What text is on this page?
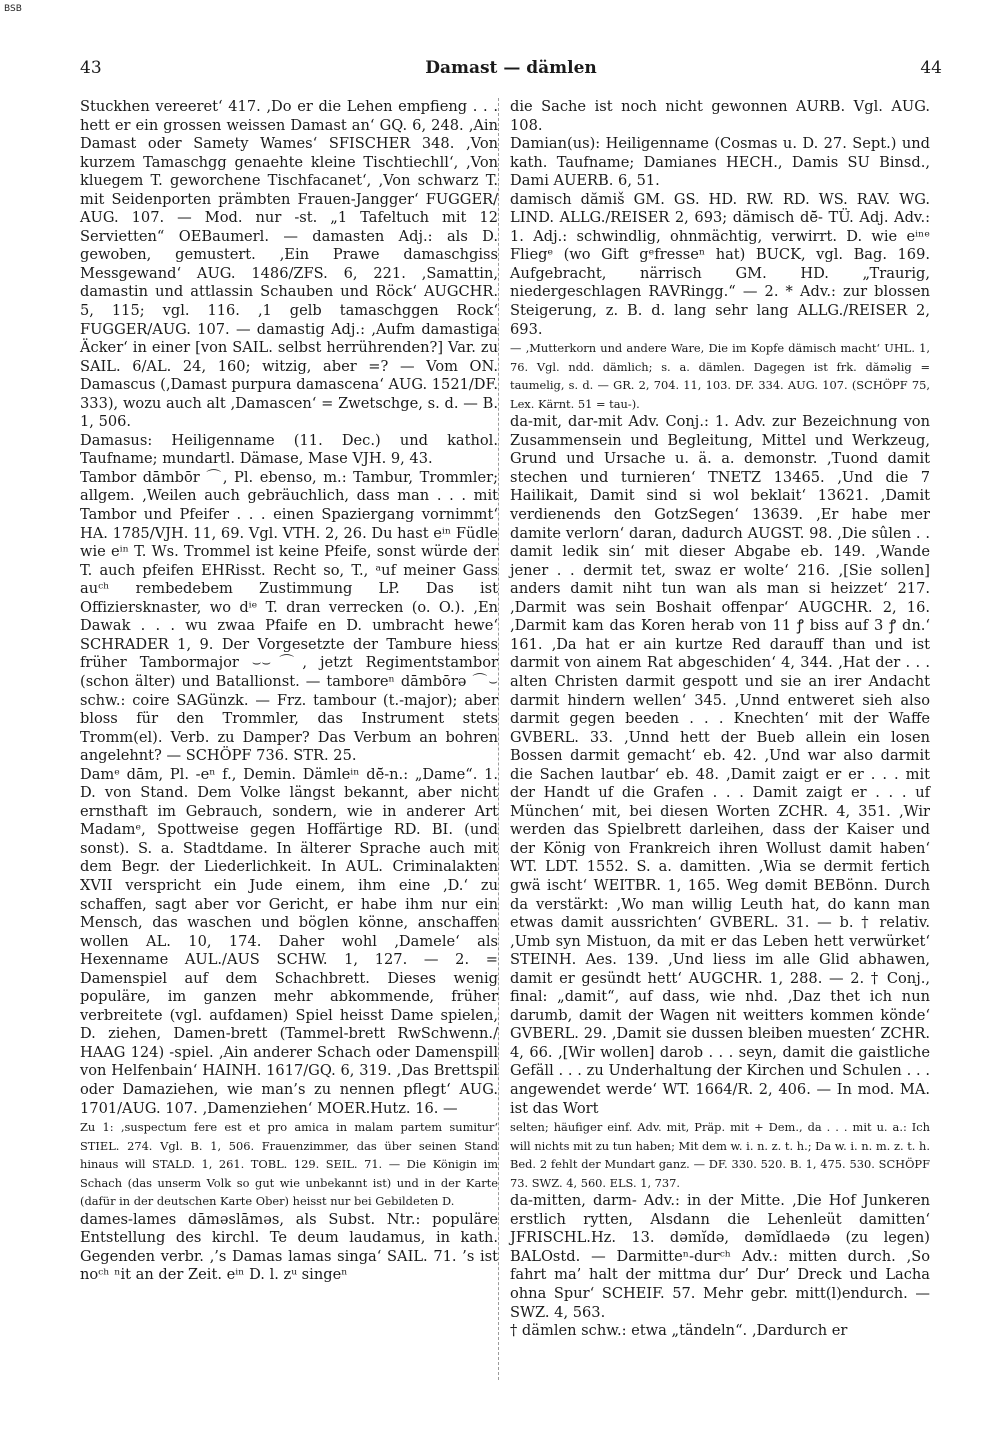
BSB
43	Damast — dämlen	44

Stuckhen vereeret‘ 417. ‚Do er die Lehen empfieng . . . hett er ein grossen weissen Damast an‘ GQ. 6, 248. ‚Ain Damast oder Samety Wames‘ SFISCHER 348. ‚Von kurzem Tamaschgg genaehte kleine Tischtiechll‘, ‚Von kluegem T. geworchene Tischfacanet‘, ‚Von schwarz T. mit Seidenporten prämbten Frauen-Jangger‘ FUGGER/ AUG. 107. — Mod. nur -st. „1 Tafeltuch mit 12 Servietten“ OEBaumerl. — damasten Adj.: als D. gewoben, gemustert. ‚Ein Prawe damaschgiss Messgewand‘ AUG. 1486/ZFS. 6, 221. ‚Samattin, damastin und attlassin Schauben und Röck‘ AUGCHR. 5, 115; vgl. 116. ‚1 gelb tamaschggen Rock‘ FUGGER/AUG. 107. — damastig Adj.: ‚Aufm damastiga Äcker‘ in einer [von SAIL. selbst herrührenden?] Var. zu SAIL. 6/AL. 24, 160; witzig, aber =? — Vom ON. Damascus (‚Damast purpura damascena‘ AUG. 1521/DF. 333), wozu auch alt ‚Damascen‘ = Zwetschge, s. d. — B. 1, 506.

Damasus: Heiligenname (11. Dec.) und kathol. Taufname; mundartl. Dämase, Mase VJH. 9, 43.

Tambor dāmbōr ⌒, Pl. ebenso, m.: Tambur, Trommler; allgem. ‚Weilen auch gebräuchlich, dass man . . . mit Tambor und Pfeifer . . . einen Spaziergang vornimmt‘ HA. 1785/VJH. 11, 69. Vgl. VTH. 2, 26. Du hast eⁱⁿ Füdle wie eⁱⁿ T. Ws. Trommel ist keine Pfeife, sonst würde der T. auch pfeifen EHRisst. Recht so, T., ᵃuf meiner Gass auᶜʰ rembedebem Zustimmung LP. Das ist Offiziersknaster, wo dⁱᵉ T. dran verrecken (o. O.). ‚En Dawak . . . wu zwaa Pfaife en D. umbracht hewe‘ SCHRADER 1, 9. Der Vorgesetzte der Tambure hiess früher Tambormajor ⌣⌣⌒, jetzt Regimentstambor (schon älter) und Batallionst. — tamboreⁿ dāmbōrə ⌒⌣ schw.: coire SAGünzk. — Frz. tambour (t.-major); aber bloss für den Trommler, das Instrument stets Tromm(el). Verb. zu Damper? Das Verbum an bohren angelehnt? — SCHÖPF 736. STR. 25.

Damᵉ dām, Pl. -eⁿ f., Demin. Dämleⁱⁿ dē̆-n.: „Dame“. 1. D. von Stand. Dem Volke längst bekannt, aber nicht ernsthaft im Gebrauch, sondern, wie in anderer Art Madamᵉ, Spottweise gegen Hoffärtige RD. BI. (und sonst). S. a. Stadtdame. In älterer Sprache auch mit dem Begr. der Liederlichkeit. In AUL. Criminalakten XVII verspricht ein Jude einem, ihm eine ‚D.‘ zu schaffen, sagt aber vor Gericht, er habe ihm nur ein Mensch, das waschen und böglen könne, anschaffen wollen AL. 10, 174. Daher wohl ‚Damele‘ als Hexenname AUL./AUS SCHW. 1, 127. — 2. = Damenspiel auf dem Schachbrett. Dieses wenig populäre, im ganzen mehr abkommende, früher verbreitete (vgl. aufdamen) Spiel heisst Dame spielen, D. ziehen, Damen-brett (Tammel-brett RwSchwenn./ HAAG 124) -spiel. ‚Ain anderer Schach oder Damenspill von Helfenbain‘ HAINH. 1617/GQ. 6, 319. ‚Das Brettspil oder Damaziehen, wie man’s zu nennen pflegt‘ AUG. 1701/AUG. 107. ‚Damenziehen‘ MOER.Hutz. 16. —

Zu 1: ‚suspectum fere est et pro amica in malam partem sumitur‘ STIEL. 274. Vgl. B. 1, 506. Frauenzimmer, das über seinen Stand hinaus will STALD. 1, 261. TOBL. 129. SEIL. 71. — Die Königin im Schach (das unserm Volk so gut wie unbekannt ist) und in der Karte (dafür in der deutschen Karte Ober) heisst nur bei Gebildeten D.

dames-lames dāməslāməs, als Subst. Ntr.: populäre Entstellung des kirchl. Te deum laudamus, in kath. Gegenden verbr. ‚’s Damas lamas singa‘ SAIL. 71. ’s ist noᶜʰ ⁿit an der Zeit. eⁱⁿ D. l. zᵘ singeⁿ

die Sache ist noch nicht gewonnen AURB. Vgl. AUG. 108.

Damian(us): Heiligenname (Cosmas u. D. 27. Sept.) und kath. Taufname; Damianes HECH., Damis SU Binsd., Dami AUERB. 6, 51.

damisch dămiš GM. GS. HD. RW. RD. WS. RAV. WG. LIND. ALLG./REISER 2, 693; dämisch dē̆- TÜ. Adj. Adv.: 1. Adj.: schwindlig, ohnmächtig, verwirrt. D. wie eⁱⁿᵉ Fliegᵉ (wo Gift gᵉfresseⁿ hat) BUCK, vgl. Bag. 169. Aufgebracht, närrisch GM. HD. „Traurig, niedergeschlagen RAVRingg.“ — 2. * Adv.: zur blossen Steigerung, z. B. d. lang sehr lang ALLG./REISER 2, 693.

— ‚Mutterkorn und andere Ware, Die im Kopfe dämisch macht‘ UHL. 1, 76. Vgl. ndd. dämlich; s. a. dämlen. Dagegen ist frk. dăməlig = taumelig, s. d. — GR. 2, 704. 11, 103. DF. 334. AUG. 107. (SCHÖPF 75, Lex. Kärnt. 51 = tau-).

da-mit, dar-mit Adv. Conj.: 1. Adv. zur Bezeichnung von Zusammensein und Begleitung, Mittel und Werkzeug, Grund und Ursache u. ä. a. demonstr. ‚Tuond damit stechen und turnieren‘ TNETZ 13465. ‚Und die 7 Hailikait, Damit sind si wol beklait‘ 13621. ‚Damit verdienends den GotzSegen‘ 13639. ‚Er habe mer damite verlorn‘ daran, dadurch AUGST. 98. ‚Die sûlen . . damit ledik sin‘ mit dieser Abgabe eb. 149. ‚Wande jener . . dermit tet, swaz er wolte‘ 216. ‚[Sie sollen] anders damit niht tun wan als man si heizzet‘ 217. ‚Darmit was sein Boshait offenpar‘ AUGCHR. 2, 16. ‚Darmit kam das Koren herab von 11 ꝭ biss auf 3 ꝭ dn.‘ 161. ‚Da hat er ain kurtze Red darauff than und ist darmit von ainem Rat abgeschiden‘ 4, 344. ‚Hat der . . . alten Christen darmit gespott und sie an irer Andacht darmit hindern wellen‘ 345. ‚Unnd entweret sieh also darmit gegen beeden . . . Knechten‘ mit der Waffe GVBERL. 33. ‚Unnd hett der Bueb allein ein losen Bossen darmit gemacht‘ eb. 42. ‚Und war also darmit die Sachen lautbar‘ eb. 48. ‚Damit zaigt er er . . . mit der Handt uf die Grafen . . . Damit zaigt er . . . uf München‘ mit, bei diesen Worten ZCHR. 4, 351. ‚Wir werden das Spielbrett darleihen, dass der Kaiser und der König von Frankreich ihren Wollust damit haben‘ WT. LDT. 1552. S. a. damitten. ‚Wia se dermit fertich gwä ischt‘ WEITBR. 1, 165. Weg dəmit BEBönn. Durch da verstärkt: ‚Wo man willig Leuth hat, do kann man etwas damit aussrichten‘ GVBERL. 31. — b. † relativ. ‚Umb syn Mistuon, da mit er das Leben hett verwürket‘ STEINH. Aes. 139. ‚Und liess im alle Glid abhawen, damit er gesündt hett‘ AUGCHR. 1, 288. — 2. † Conj., final: „damit“, auf dass, wie nhd. ‚Daz thet ich nun darumb, damit der Wagen nit weitters kommen könde‘ GVBERL. 29. ‚Damit sie dussen bleiben muesten‘ ZCHR. 4, 66. ‚[Wir wollen] darob . . . seyn, damit die gaistliche Gefäll . . . zu Underhaltung der Kirchen und Schulen . . . angewendet werde‘ WT. 1664/R. 2, 406. — In mod. MA. ist das Wort

selten; häufiger einf. Adv. mit, Präp. mit + Dem., da . . . mit u. a.: Ich will nichts mit zu tun haben; Mit dem w. i. n. z. t. h.; Da w. i. n. m. z. t. h. Bed. 2 fehlt der Mundart ganz. — DF. 330. 520. B. 1, 475. 530. SCHÖPF 73. SWZ. 4, 560. ELS. 1, 737.

da-mitten, darm- Adv.: in der Mitte. ‚Die Hof Junkeren erstlich rytten, Alsdann die Lehenleüt damitten‘ JFRISCHL.Hz. 13. dəmĭdə, dəmĭdlaedə (zu legen) BALOstd. — Darmitteⁿ-durᶜʰ Adv.: mitten durch. ‚So fahrt ma’ halt der mittma dur’ Dur’ Dreck und Lacha ohna Spur‘ SCHEIF. 57. Mehr gebr. mitt(l)endurch. — SWZ. 4, 563.

† dämlen schw.: etwa „tändeln“. ‚Dardurch er
